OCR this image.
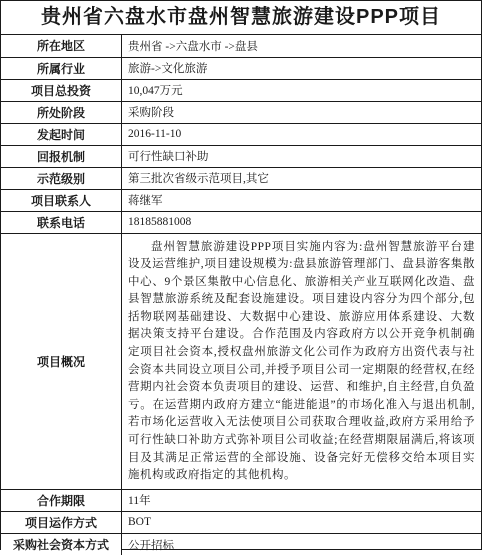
贵州省六盘水市盘州智慧旅游建设PPP项目
所在地区	贵州省 ->六盘水市 ->盘县
所属行业	旅游->文化旅游
项目总投资	10,047万元
所处阶段	采购阶段
发起时间	2016-11-10
回报机制	可行性缺口补助
示范级别	第三批次省级示范项目,其它
项目联系人	蒋继军
联系电话	18185881008
项目概况	盘州智慧旅游建设PPP项目实施内容为:盘州智慧旅游平台建设及运营维护,项目建设规模为:盘县旅游管理部门、盘县游客集散中心、9个景区集散中心信息化、旅游相关产业互联网化改造、盘县智慧旅游系统及配套设施建设。项目建设内容分为四个部分,包括物联网基础建设、大数据中心建设、旅游应用体系建设、大数据决策支持平台建设。合作范围及内容政府方以公开竞争机制确定项目社会资本,授权盘州旅游文化公司作为政府方出资代表与社会资本共同设立项目公司,并授予项目公司一定期限的经营权,在经营期内社会资本负责项目的建设、运营、和维护,自主经营,自负盈亏。在运营期内政府方建立“能进能退”的市场化准入与退出机制,若市场化运营收入无法使项目公司获取合理收益,政府方采用给予可行性缺口补助方式弥补项目公司收益;在经营期限届满后,将该项目及其满足正常运营的全部设施、设备完好无偿移交给本项目实施机构或政府指定的其他机构。
合作期限	11年
项目运作方式	BOT
采购社会资本方式	公开招标
